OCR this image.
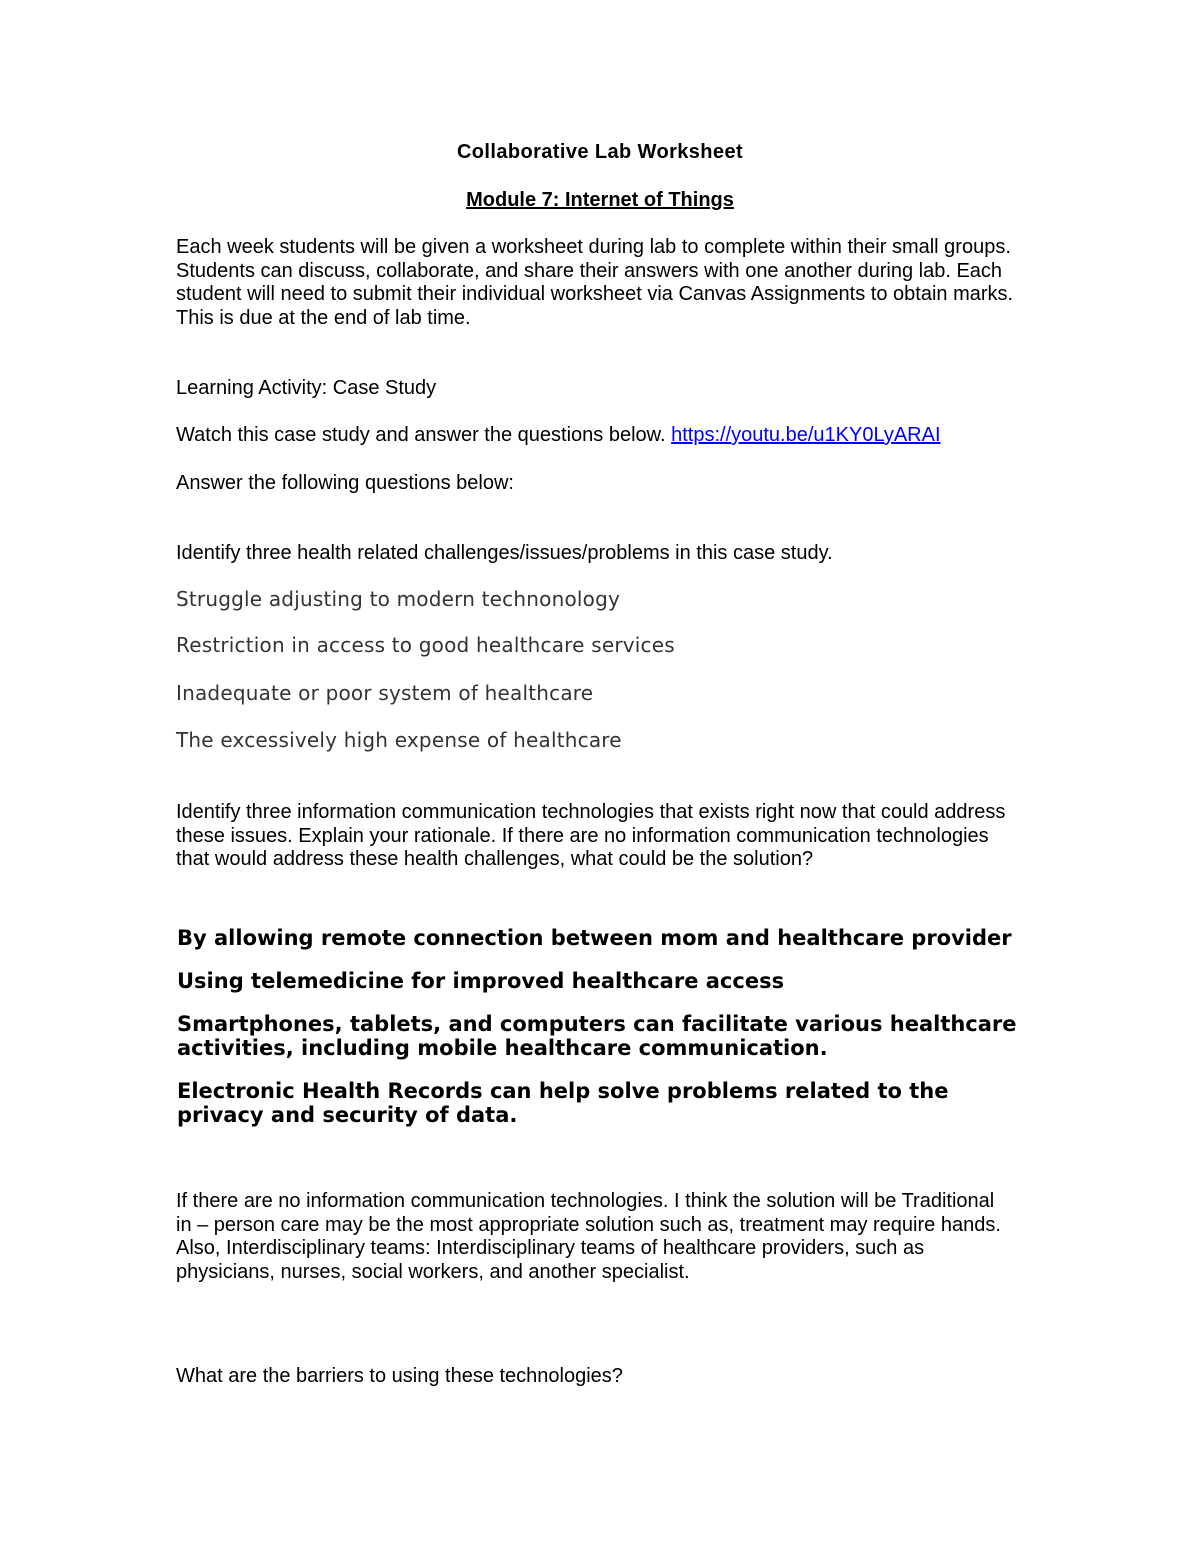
Collaborative Lab Worksheet

Module 7: Internet of Things

Each week students will be given a worksheet during lab to complete within their small groups. Students can discuss, collaborate, and share their answers with one another during lab. Each student will need to submit their individual worksheet via Canvas Assignments to obtain marks. This is due at the end of lab time.

Learning Activity: Case Study

Watch this case study and answer the questions below. https://youtu.be/u1KY0LyARAI

Answer the following questions below:

Identify three health related challenges/issues/problems in this case study.

Struggle adjusting to modern technonology

Restriction in access to good healthcare services

Inadequate or poor system of healthcare

The excessively high expense of healthcare

Identify three information communication technologies that exists right now that could address these issues. Explain your rationale. If there are no information communication technologies that would address these health challenges, what could be the solution?

By allowing remote connection between mom and healthcare provider

Using telemedicine for improved healthcare access

Smartphones, tablets, and computers can facilitate various healthcare activities, including mobile healthcare communication.

Electronic Health Records can help solve problems related to the privacy and security of data.

If there are no information communication technologies. I think the solution will be Traditional in – person care may be the most appropriate solution such as, treatment may require hands. Also, Interdisciplinary teams: Interdisciplinary teams of healthcare providers, such as physicians, nurses, social workers, and another specialist.

What are the barriers to using these technologies?
